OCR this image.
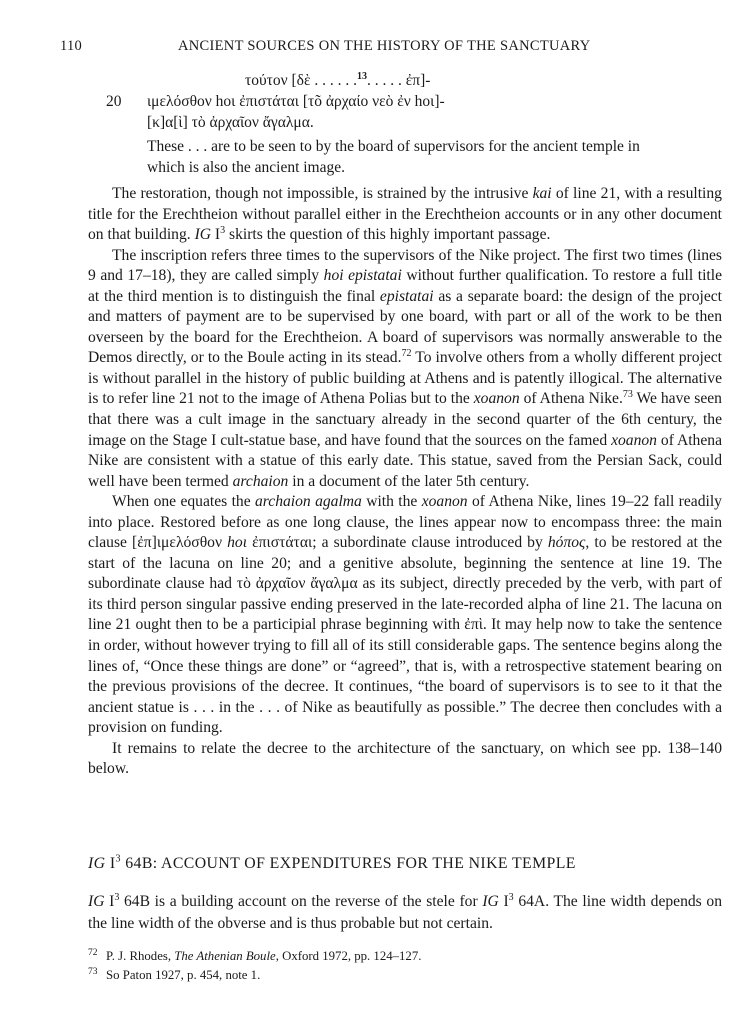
110	ANCIENT SOURCES ON THE HISTORY OF THE SANCTUARY
τούτον [δὲ . . . . . .$^{13}$. . . . . ἐπ]-
20 ιμελόσθον hοι ἐπιστάται [τõ ἀρχαίο νεὸ ἐν hοι]-
[κ]α[ὶ] τὸ ἀρχαῖον ἄγαλμα.
These . . . are to be seen to by the board of supervisors for the ancient temple in
which is also the ancient image.

The restoration, though not impossible, is strained by the intrusive kai of line 21, with a resulting title for the Erechtheion without parallel either in the Erechtheion accounts or in any other document on that building. IG $I^3$ skirts the question of this highly important passage.

The inscription refers three times to the supervisors of the Nike project. The first two times (lines 9 and 17–18), they are called simply hoi epistatai without further qualification. To restore a full title at the third mention is to distinguish the final epistatai as a separate board: the design of the project and matters of payment are to be supervised by one board, with part or all of the work to be then overseen by the board for the Erechtheion. A board of supervisors was normally answerable to the Demos directly, or to the Boule acting in its stead.$^{72}$ To involve others from a wholly different project is without parallel in the history of public building at Athens and is patently illogical. The alternative is to refer line 21 not to the image of Athena Polias but to the xoanon of Athena Nike.$^{73}$ We have seen that there was a cult image in the sanctuary already in the second quarter of the 6th century, the image on the Stage I cult-statue base, and have found that the sources on the famed xoanon of Athena Nike are consistent with a statue of this early date. This statue, saved from the Persian Sack, could well have been termed archaion in a document of the later 5th century.

When one equates the archaion agalma with the xoanon of Athena Nike, lines 19–22 fall readily into place. Restored before as one long clause, the lines appear now to encompass three: the main clause [ἐπ]ιμελόσθον hοι ἐπιστάται; a subordinate clause introduced by hόπος, to be restored at the start of the lacuna on line 20; and a genitive absolute, beginning the sentence at line 19. The subordinate clause had τὸ ἀρχαῖον ἄγαλμα as its subject, directly preceded by the verb, with part of its third person singular passive ending preserved in the late-recorded alpha of line 21. The lacuna on line 21 ought then to be a participial phrase beginning with ἐπὶ. It may help now to take the sentence in order, without however trying to fill all of its still considerable gaps. The sentence begins along the lines of, “Once these things are done” or “agreed”, that is, with a retrospective statement bearing on the previous provisions of the decree. It continues, “the board of supervisors is to see to it that the ancient statue is . . . in the . . . of Nike as beautifully as possible.” The decree then concludes with a provision on funding.

It remains to relate the decree to the architecture of the sanctuary, on which see pp. 138–140 below.

IG $I^3$ 64B: ACCOUNT OF EXPENDITURES FOR THE NIKE TEMPLE

IG $I^3$ 64B is a building account on the reverse of the stele for IG $I^3$ 64A. The line width depends on the line width of the obverse and is thus probable but not certain.

72 P. J. Rhodes, The Athenian Boule, Oxford 1972, pp. 124–127.
73 So Paton 1927, p. 454, note 1.
